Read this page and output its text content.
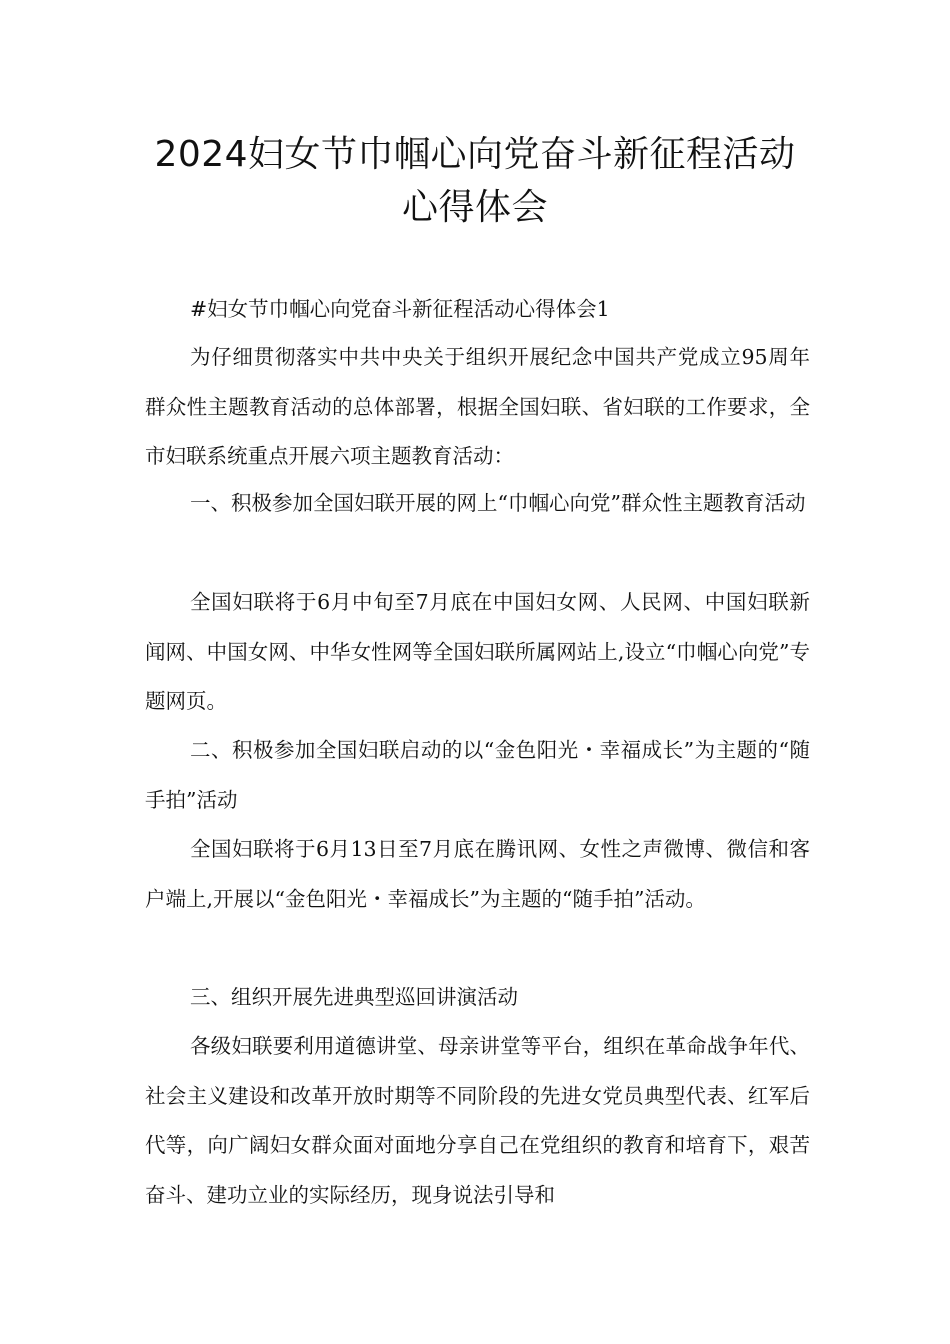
2024妇女节巾帼心向党奋斗新征程活动
心得体会

#妇女节巾帼心向党奋斗新征程活动心得体会1

为仔细贯彻落实中共中央关于组织开展纪念中国共产党成立95周年群众性主题教育活动的总体部署，根据全国妇联、省妇联的工作要求，全市妇联系统重点开展六项主题教育活动：

一、积极参加全国妇联开展的网上“巾帼心向党”群众性主题教育活动

全国妇联将于6月中旬至7月底在中国妇女网、人民网、中国妇联新闻网、中国女网、中华女性网等全国妇联所属网站上,设立“巾帼心向党”专题网页。

二、积极参加全国妇联启动的以“金色阳光・幸福成长”为主题的“随手拍”活动

全国妇联将于6月13日至7月底在腾讯网、女性之声微博、微信和客户端上,开展以“金色阳光・幸福成长”为主题的“随手拍”活动。

三、组织开展先进典型巡回讲演活动

各级妇联要利用道德讲堂、母亲讲堂等平台，组织在革命战争年代、社会主义建设和改革开放时期等不同阶段的先进女党员典型代表、红军后代等，向广阔妇女群众面对面地分享自己在党组织的教育和培育下，艰苦奋斗、建功立业的实际经历，现身说法引导和
